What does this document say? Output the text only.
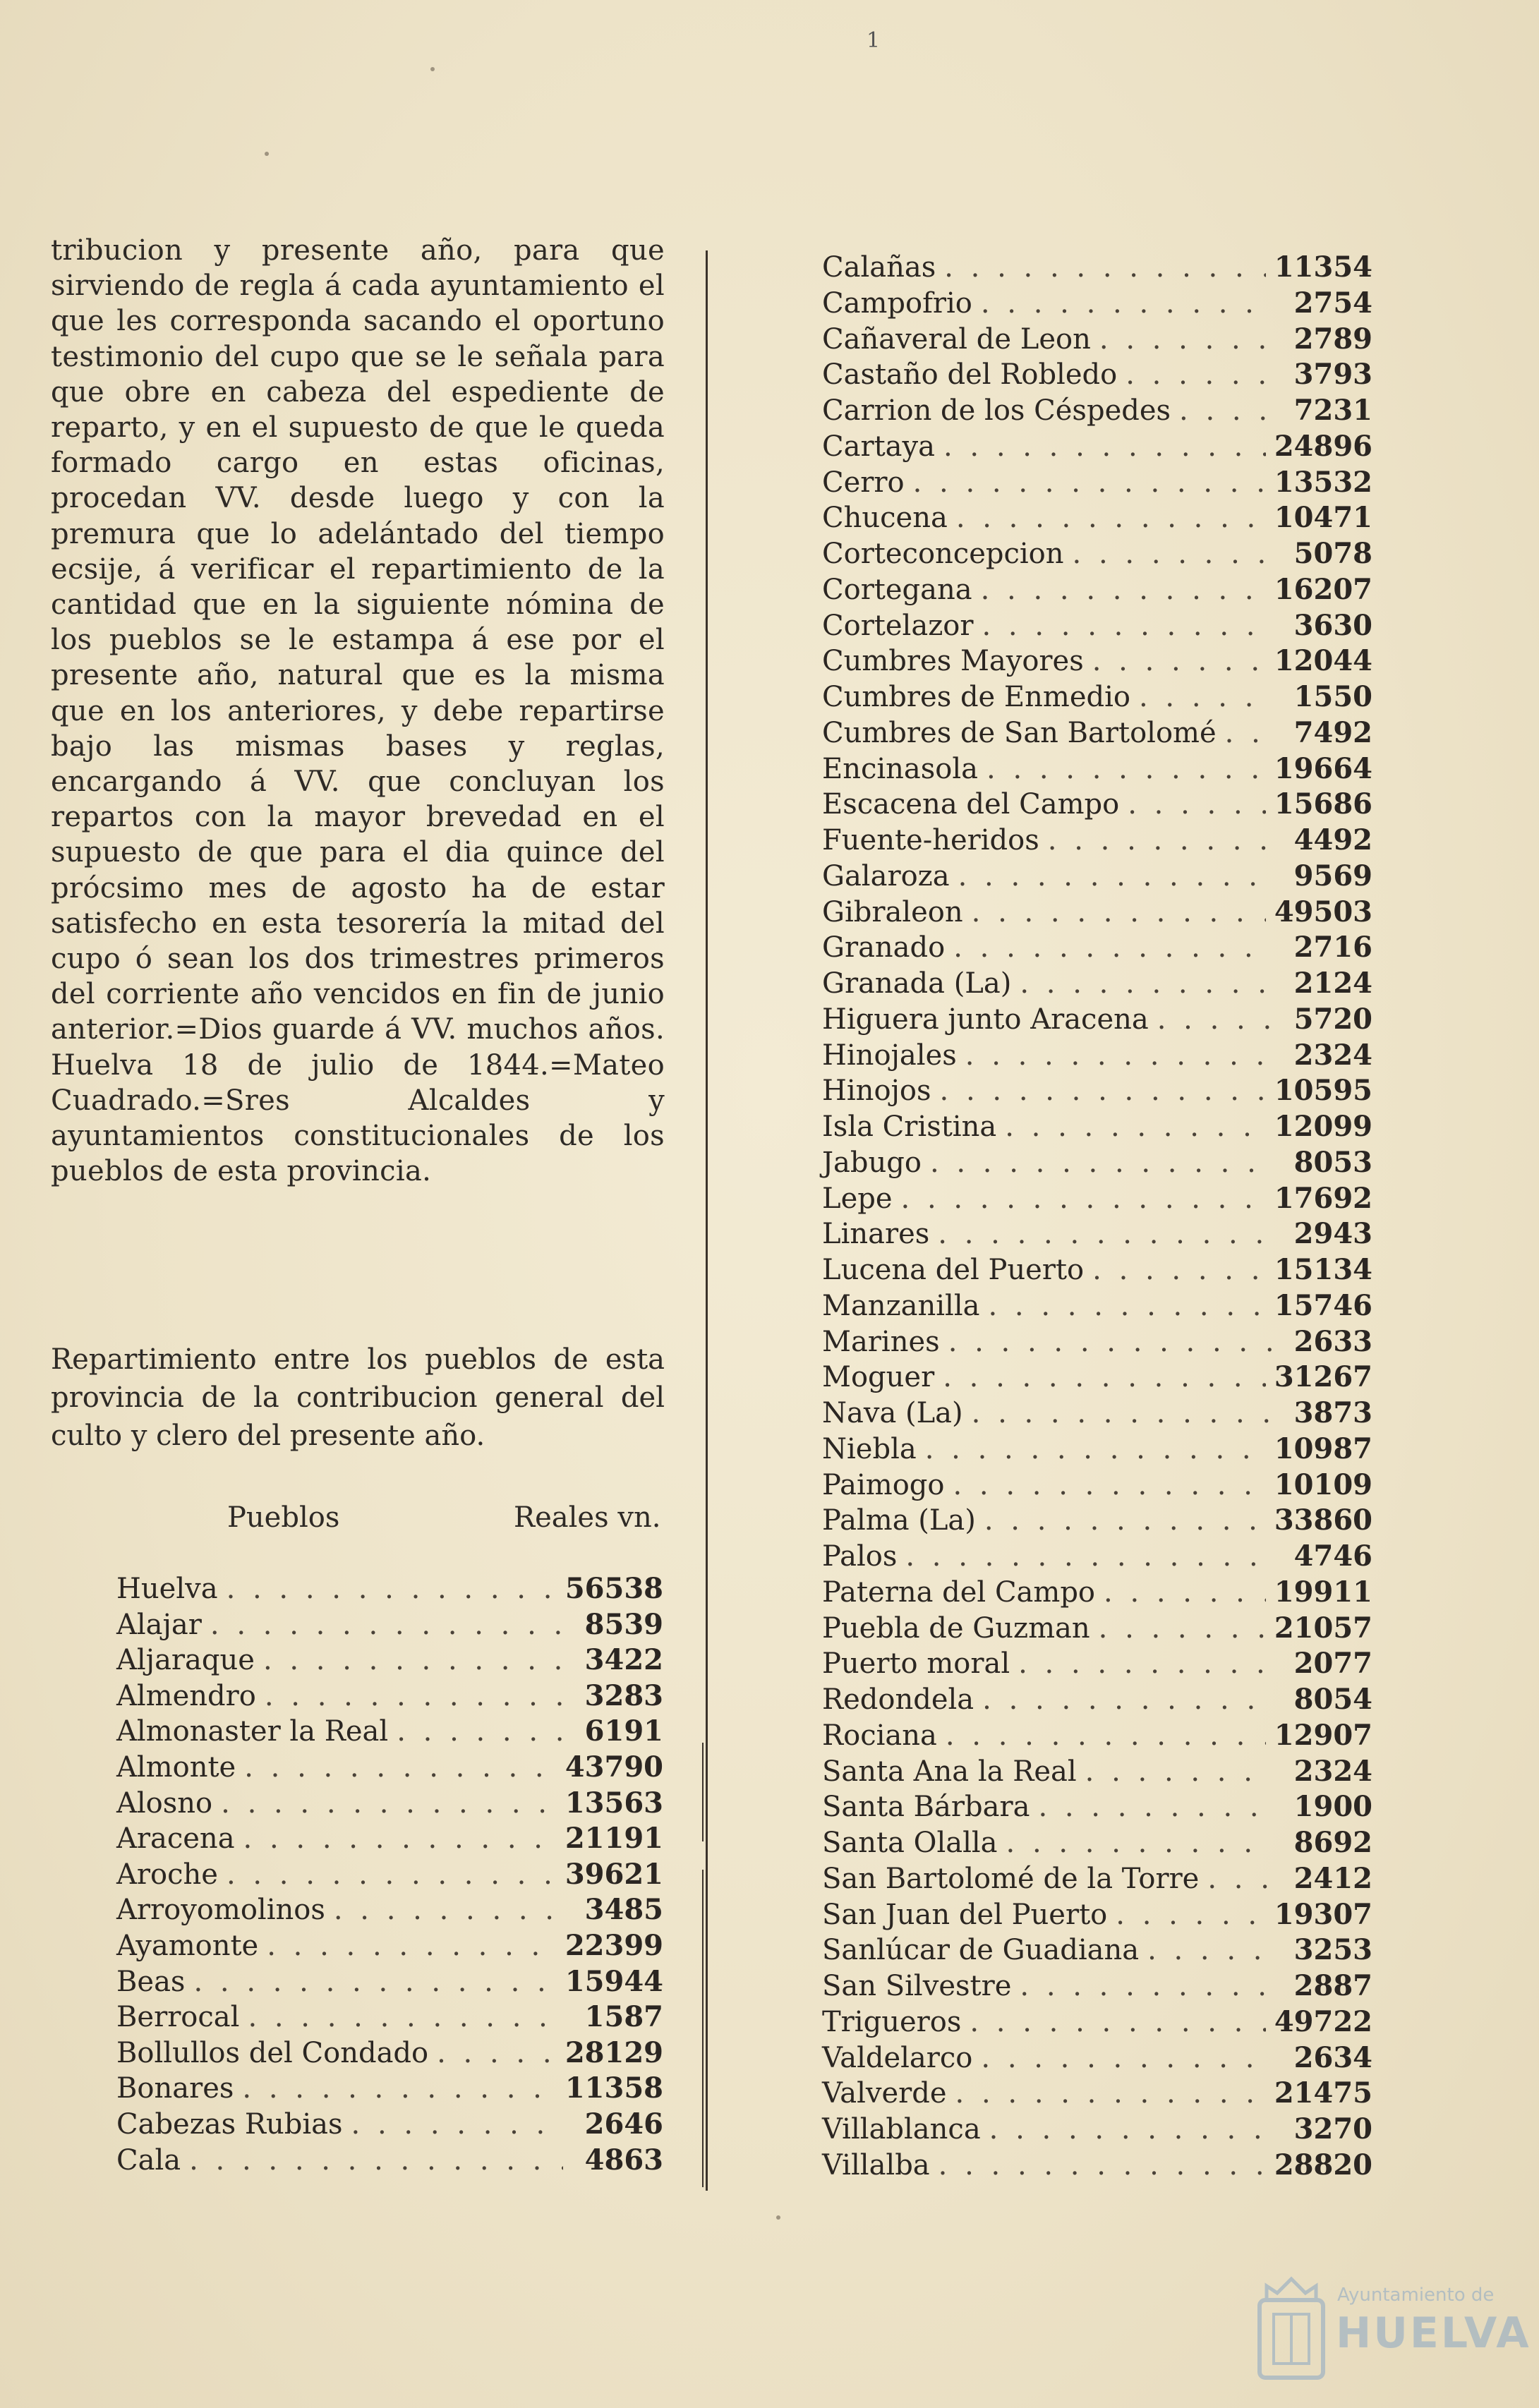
1

tribucion y presente año, para que sirviendo de regla á cada ayuntamiento el que les corresponda sacando el oportuno testimonio del cupo que se le señala para que obre en cabeza del espediente de reparto, y en el supuesto de que le queda formado cargo en estas oficinas, procedan VV. desde luego y con la premura que lo adelántado del tiempo ecsije, á verificar el repartimiento de la cantidad que en la siguiente nómina de los pueblos se le estampa á ese por el presente año, natural que es la misma que en los anteriores, y debe repartirse bajo las mismas bases y reglas, encargando á VV. que concluyan los repartos con la mayor brevedad en el supuesto de que para el dia quince del prócsimo mes de agosto ha de estar satisfecho en esta tesorería la mitad del cupo ó sean los dos trimestres primeros del corriente año vencidos en fin de junio anterior.=Dios guarde á VV. muchos años. Huelva 18 de julio de 1844.=Mateo Cuadrado.=Sres Alcaldes y ayuntamientos constitucionales de los pueblos de esta provincia.

Repartimiento entre los pueblos de esta provincia de la contribucion general del culto y clero del presente año.

Pueblos	Reales vn.
Huelva . . .	56538
Alajar . . .	8539
Aljaraque . . .	3422
Almendro . . .	3283
Almonaster la Real . . .	6191
Almonte . . .	43790
Alosno . . .	13563
Aracena . . .	21191
Aroche . . .	39621
Arroyomolinos . . .	3485
Ayamonte . . .	22399
Beas . . .	15944
Berrocal . . .	1587
Bollullos del Condado . . .	28129
Bonares . . .	11358
Cabezas Rubias . . .	2646
Cala . . .	4863
Calañas . . .	11354
Campofrio . . .	2754
Cañaveral de Leon . . .	2789
Castaño del Robledo . . .	3793
Carrion de los Céspedes . . .	7231
Cartaya . . .	24896
Cerro . . .	13532
Chucena . . .	10471
Corteconcepcion . . .	5078
Cortegana . . .	16207
Cortelazor . . .	3630
Cumbres Mayores . . .	12044
Cumbres de Enmedio . . .	1550
Cumbres de San Bartolomé . . .	7492
Encinasola . . .	19664
Escacena del Campo . . .	15686
Fuente-heridos . . .	4492
Galaroza . . .	9569
Gibraleon . . .	49503
Granado . . .	2716
Granada (La) . . .	2124
Higuera junto Aracena . . .	5720
Hinojales . . .	2324
Hinojos . . .	10595
Isla Cristina . . .	12099
Jabugo . . .	8053
Lepe . . .	17692
Linares . . .	2943
Lucena del Puerto . . .	15134
Manzanilla . . .	15746
Marines . . .	2633
Moguer . . .	31267
Nava (La) . . .	3873
Niebla . . .	10987
Paimogo . . .	10109
Palma (La) . . .	33860
Palos . . .	4746
Paterna del Campo . . .	19911
Puebla de Guzman . . .	21057
Puerto moral . . .	2077
Redondela . . .	8054
Rociana . . .	12907
Santa Ana la Real . . .	2324
Santa Bárbara . . .	1900
Santa Olalla . . .	8692
San Bartolomé de la Torre . . .	2412
San Juan del Puerto . . .	19307
Sanlúcar de Guadiana . . .	3253
San Silvestre . . .	2887
Trigueros . . .	49722
Valdelarco . . .	2634
Valverde . . .	21475
Villablanca . . .	3270
Villalba . . .	28820
Ayuntamiento de
HUELVA
